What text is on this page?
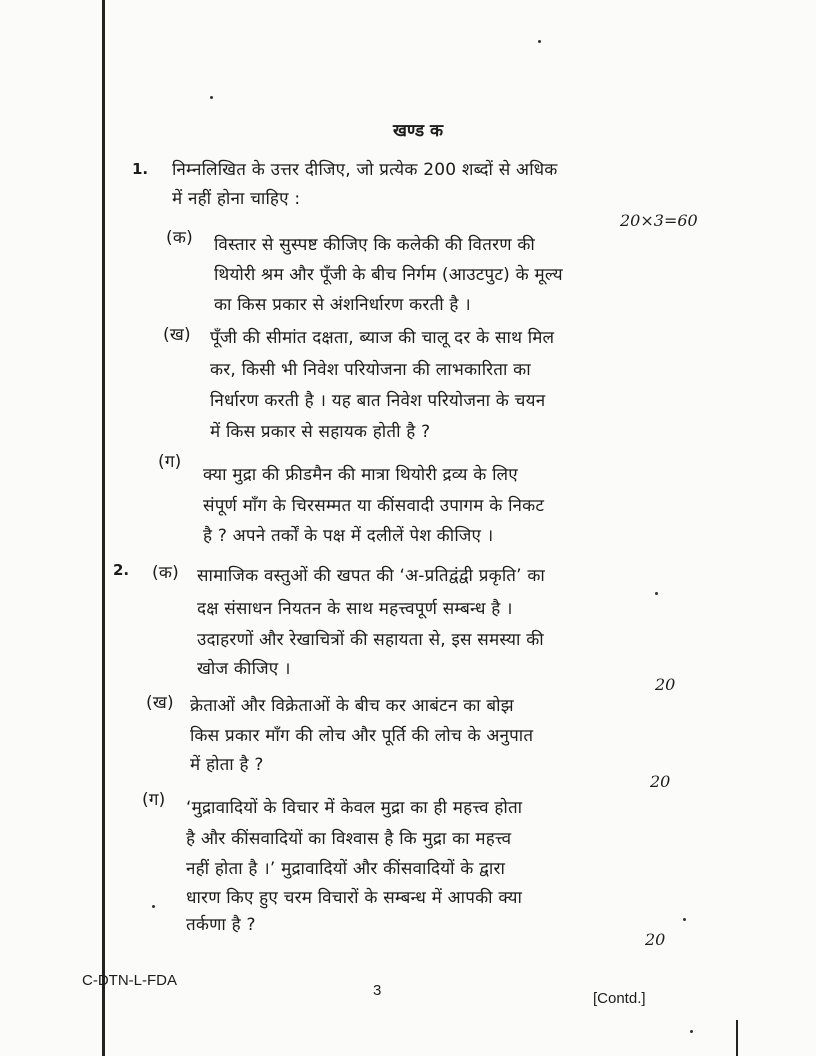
खण्ड क
1. निम्नलिखित के उत्तर दीजिए, जो प्रत्येक 200 शब्दों से अधिक
में नहीं होना चाहिए :
20×3=60
(क) विस्तार से सुस्पष्ट कीजिए कि कलेकी की वितरण की
थियोरी श्रम और पूँजी के बीच निर्गम (आउटपुट) के मूल्य
का किस प्रकार से अंशनिर्धारण करती है ।
(ख) पूँजी की सीमांत दक्षता, ब्याज की चालू दर के साथ मिल
कर, किसी भी निवेश परियोजना की लाभकारिता का
निर्धारण करती है । यह बात निवेश परियोजना के चयन
में किस प्रकार से सहायक होती है ?
(ग)
क्या मुद्रा की फ्रीडमैन की मात्रा थियोरी द्रव्य के लिए
संपूर्ण माँग के चिरसम्मत या कींसवादी उपागम के निकट
है ? अपने तर्कों के पक्ष में दलीलें पेश कीजिए ।
2. (क) सामाजिक वस्तुओं की खपत की ‘अ-प्रतिद्वंद्वी प्रकृति’ का
दक्ष संसाधन नियतन के साथ महत्त्वपूर्ण सम्बन्ध है ।
उदाहरणों और रेखाचित्रों की सहायता से, इस समस्या की
खोज कीजिए ।
20
(ख) क्रेताओं और विक्रेताओं के बीच कर आबंटन का बोझ
किस प्रकार माँग की लोच और पूर्ति की लोच के अनुपात
में होता है ?
20
(ग) ‘मुद्रावादियों के विचार में केवल मुद्रा का ही महत्त्व होता
है और कींसवादियों का विश्वास है कि मुद्रा का महत्त्व
नहीं होता है ।’ मुद्रावादियों और कींसवादियों के द्वारा
धारण किए हुए चरम विचारों के सम्बन्ध में आपकी क्या
तर्कणा है ?
20
C-DTN-L-FDA
3	[Contd.]
